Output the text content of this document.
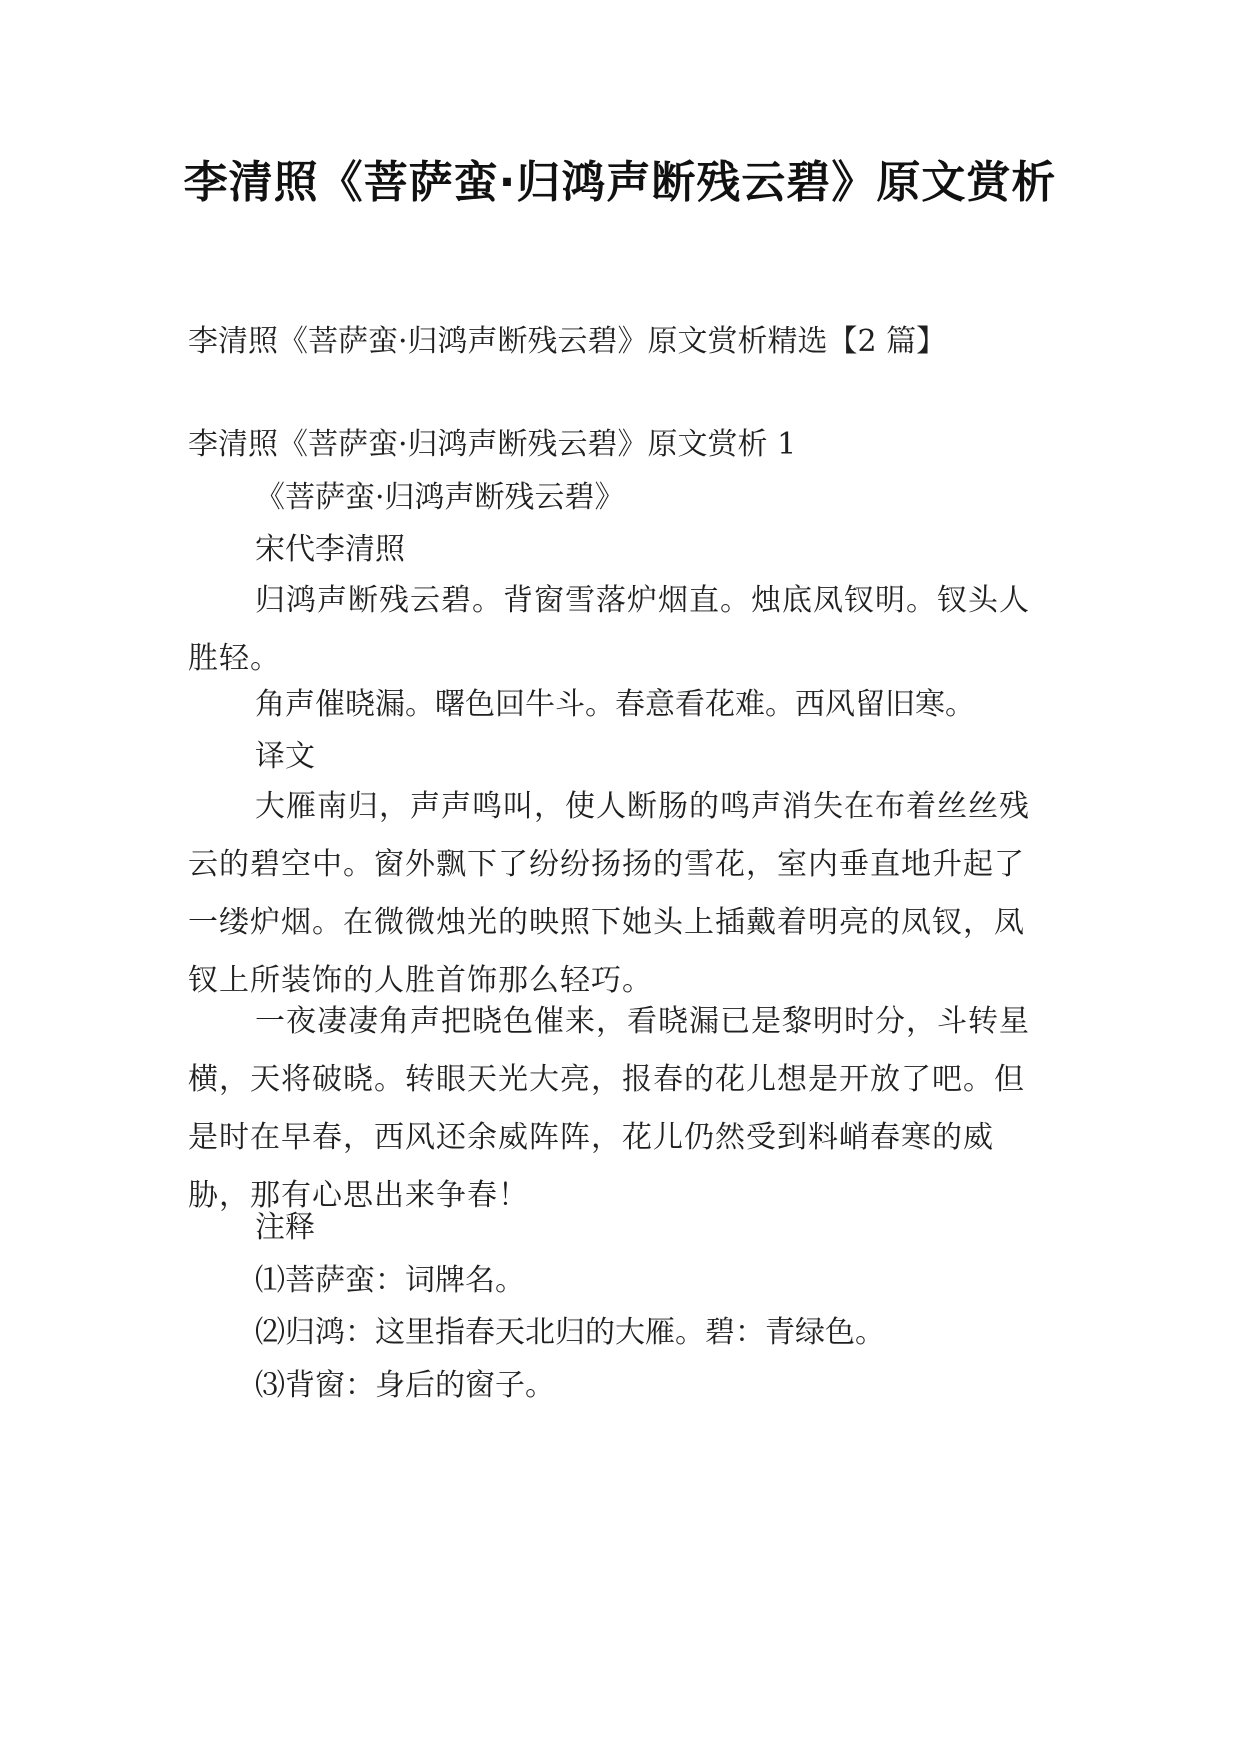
李清照《菩萨蛮·归鸿声断残云碧》原文赏析
李清照《菩萨蛮·归鸿声断残云碧》原文赏析精选【2 篇】
李清照《菩萨蛮·归鸿声断残云碧》原文赏析 1
《菩萨蛮·归鸿声断残云碧》
宋代李清照
归鸿声断残云碧。背窗雪落炉烟直。烛底凤钗明。钗头人胜轻。
角声催晓漏。曙色回牛斗。春意看花难。西风留旧寒。
译文
大雁南归，声声鸣叫，使人断肠的鸣声消失在布着丝丝残云的碧空中。窗外飘下了纷纷扬扬的雪花，室内垂直地升起了一缕炉烟。在微微烛光的映照下她头上插戴着明亮的凤钗，凤钗上所装饰的人胜首饰那么轻巧。
一夜凄凄角声把晓色催来，看晓漏已是黎明时分，斗转星横，天将破晓。转眼天光大亮，报春的花儿想是开放了吧。但是时在早春，西风还余威阵阵，花儿仍然受到料峭春寒的威胁，那有心思出来争春！
注释
⑴菩萨蛮：词牌名。
⑵归鸿：这里指春天北归的大雁。碧：青绿色。
⑶背窗：身后的窗子。
